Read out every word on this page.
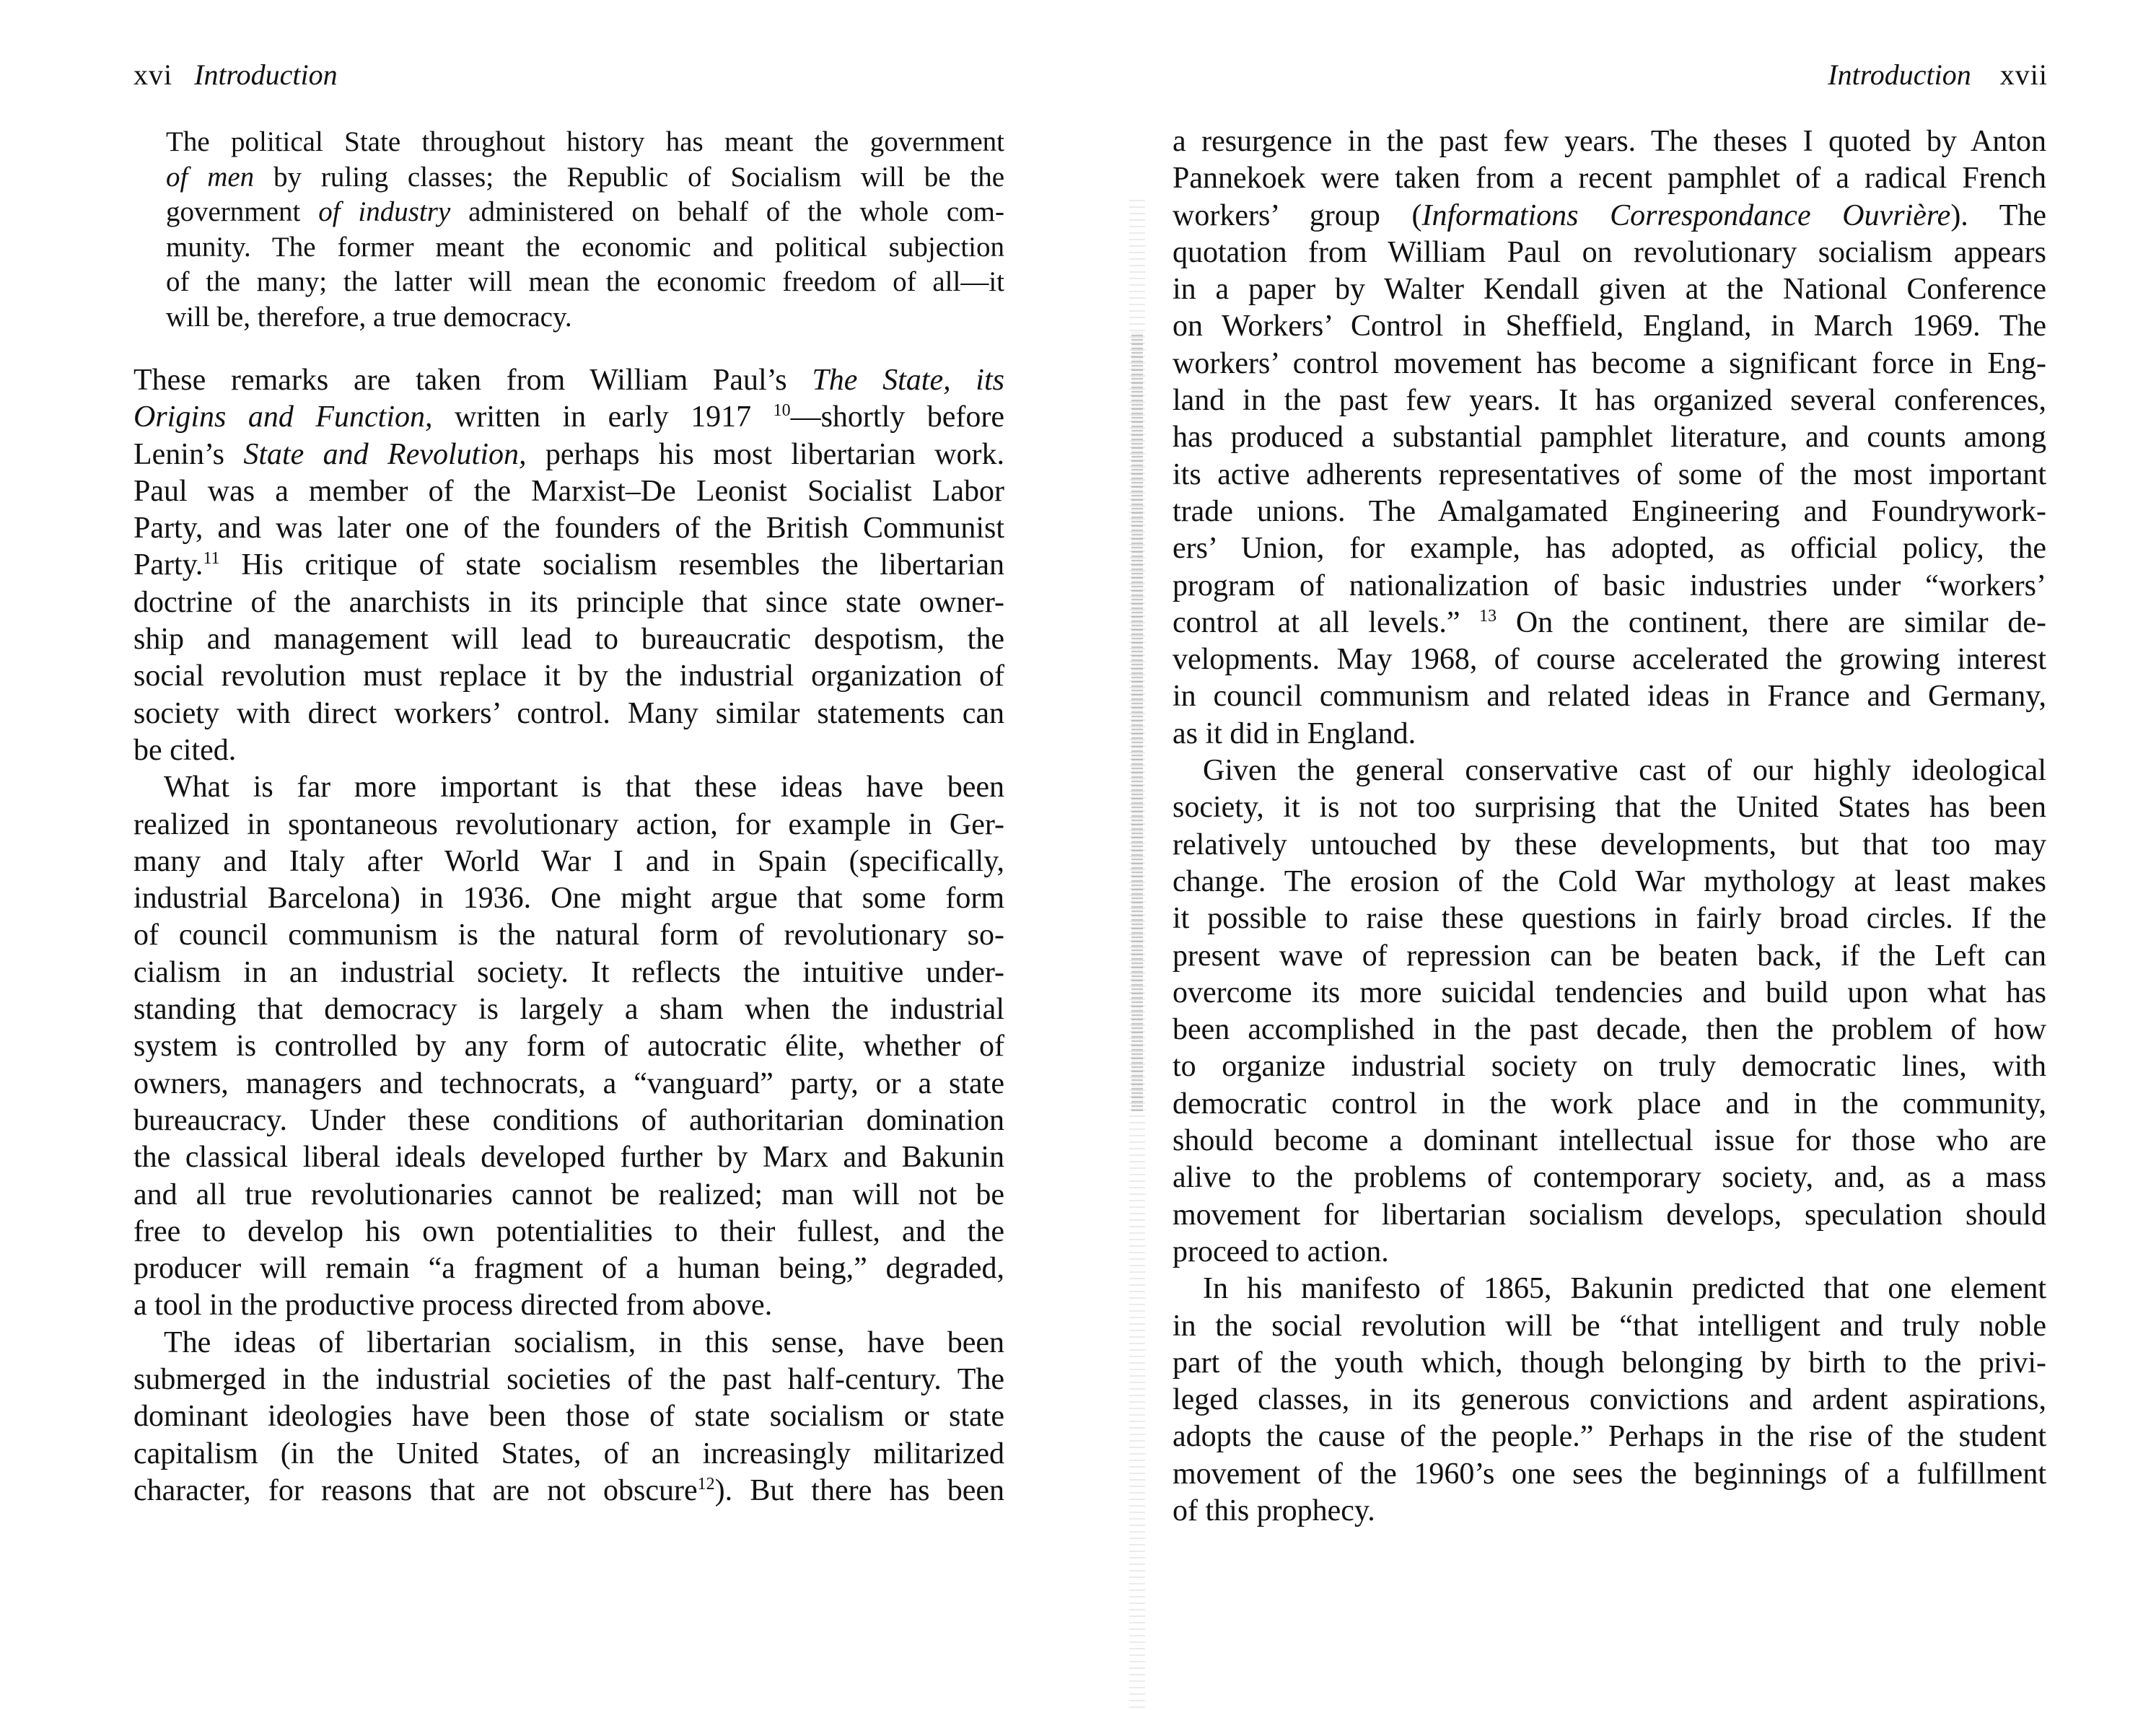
xvi Introduction
The political State throughout history has meant the government
of men by ruling classes; the Republic of Socialism will be the
government of industry administered on behalf of the whole com-
munity. The former meant the economic and political subjection
of the many; the latter will mean the economic freedom of all—it
will be, therefore, a true democracy.
These remarks are taken from William Paul’s The State, its
Origins and Function, written in early 1917 $^{10}$—shortly before
Lenin’s State and Revolution, perhaps his most libertarian work.
Paul was a member of the Marxist–De Leonist Socialist Labor
Party, and was later one of the founders of the British Communist
Party.$^{11}$ His critique of state socialism resembles the libertarian
doctrine of the anarchists in its principle that since state owner-
ship and management will lead to bureaucratic despotism, the
social revolution must replace it by the industrial organization of
society with direct workers’ control. Many similar statements can
be cited.
What is far more important is that these ideas have been
realized in spontaneous revolutionary action, for example in Ger-
many and Italy after World War I and in Spain (specifically,
industrial Barcelona) in 1936. One might argue that some form
of council communism is the natural form of revolutionary so-
cialism in an industrial society. It reflects the intuitive under-
standing that democracy is largely a sham when the industrial
system is controlled by any form of autocratic élite, whether of
owners, managers and technocrats, a “vanguard” party, or a state
bureaucracy. Under these conditions of authoritarian domination
the classical liberal ideals developed further by Marx and Bakunin
and all true revolutionaries cannot be realized; man will not be
free to develop his own potentialities to their fullest, and the
producer will remain “a fragment of a human being,” degraded,
a tool in the productive process directed from above.
The ideas of libertarian socialism, in this sense, have been
submerged in the industrial societies of the past half-century. The
dominant ideologies have been those of state socialism or state
capitalism (in the United States, of an increasingly militarized
character, for reasons that are not obscure$^{12}$). But there has been
Introduction xvii
a resurgence in the past few years. The theses I quoted by Anton
Pannekoek were taken from a recent pamphlet of a radical French
workers’ group (Informations Correspondance Ouvrière). The
quotation from William Paul on revolutionary socialism appears
in a paper by Walter Kendall given at the National Conference
on Workers’ Control in Sheffield, England, in March 1969. The
workers’ control movement has become a significant force in Eng-
land in the past few years. It has organized several conferences,
has produced a substantial pamphlet literature, and counts among
its active adherents representatives of some of the most important
trade unions. The Amalgamated Engineering and Foundrywork-
ers’ Union, for example, has adopted, as official policy, the
program of nationalization of basic industries under “workers’
control at all levels.” $^{13}$ On the continent, there are similar de-
velopments. May 1968, of course accelerated the growing interest
in council communism and related ideas in France and Germany,
as it did in England.
Given the general conservative cast of our highly ideological
society, it is not too surprising that the United States has been
relatively untouched by these developments, but that too may
change. The erosion of the Cold War mythology at least makes
it possible to raise these questions in fairly broad circles. If the
present wave of repression can be beaten back, if the Left can
overcome its more suicidal tendencies and build upon what has
been accomplished in the past decade, then the problem of how
to organize industrial society on truly democratic lines, with
democratic control in the work place and in the community,
should become a dominant intellectual issue for those who are
alive to the problems of contemporary society, and, as a mass
movement for libertarian socialism develops, speculation should
proceed to action.
In his manifesto of 1865, Bakunin predicted that one element
in the social revolution will be “that intelligent and truly noble
part of the youth which, though belonging by birth to the privi-
leged classes, in its generous convictions and ardent aspirations,
adopts the cause of the people.” Perhaps in the rise of the student
movement of the 1960’s one sees the beginnings of a fulfillment
of this prophecy.
